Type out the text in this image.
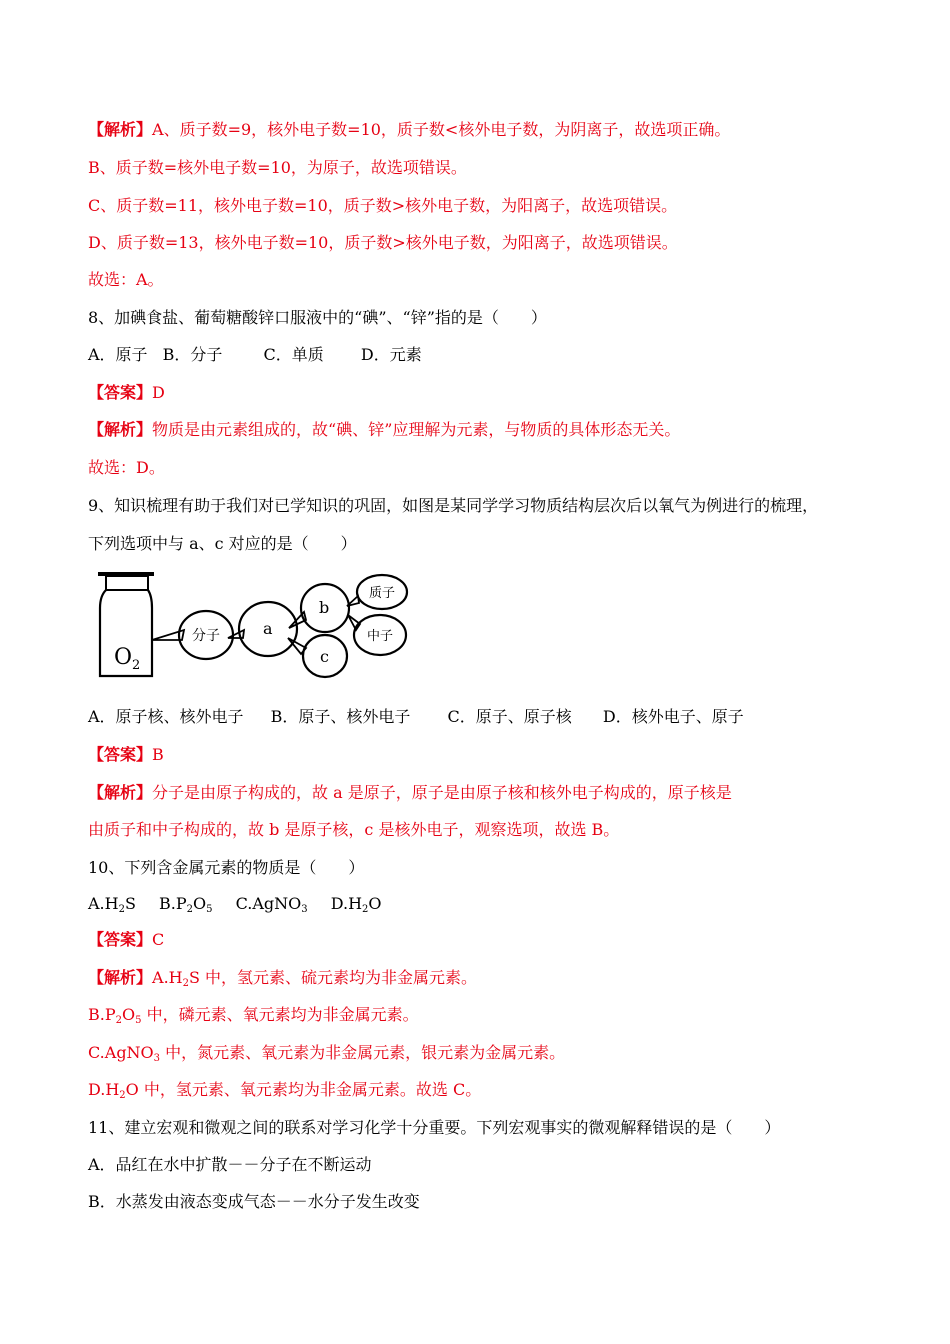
【解析】A、质子数=9，核外电子数=10，质子数<核外电子数，为阴离子，故选项正确。
B、质子数=核外电子数=10，为原子，故选项错误。
C、质子数=11，核外电子数=10，质子数>核外电子数，为阳离子，故选项错误。
D、质子数=13，核外电子数=10，质子数>核外电子数，为阳离子，故选项错误。
故选：A。
8、加碘食盐、葡萄糖酸锌口服液中的“碘”、“锌”指的是（　　）
A．原子 B．分子	C．单质 D．元素
【答案】D
【解析】物质是由元素组成的，故“碘、锌”应理解为元素，与物质的具体形态无关。
故选：D。
9、知识梳理有助于我们对已学知识的巩固，如图是某同学学习物质结构层次后以氧气为例进行的梳理，
下列选项中与 a、c 对应的是（　　）
$O_2$
分子	a
b
c
质子
中子
A．原子核、核外电子 B．原子、核外电子 C．原子、原子核 D．核外电子、原子
【答案】B
【解析】分子是由原子构成的，故 a 是原子，原子是由原子核和核外电子构成的，原子核是
由质子和中子构成的，故 b 是原子核，c 是核外电子，观察选项，故选 B。
10、下列含金属元素的物质是（　　）
$A.H_2S$ $B.P_2O_5$ C.AgNO$_3$ $D.H_2O$
【答案】C
【解析】$A.H_2S$ 中，氢元素、硫元素均为非金属元素。
$B.P_2O_5$ 中，磷元素、氧元素均为非金属元素。
C.AgNO$_3$ 中，氮元素、氧元素为非金属元素，银元素为金属元素。
$D.H_2O$ 中，氢元素、氧元素均为非金属元素。故选 C。
11、建立宏观和微观之间的联系对学习化学十分重要。下列宏观事实的微观解释错误的是（　　）
A．品红在水中扩散－－分子在不断运动
B．水蒸发由液态变成气态－－水分子发生改变
